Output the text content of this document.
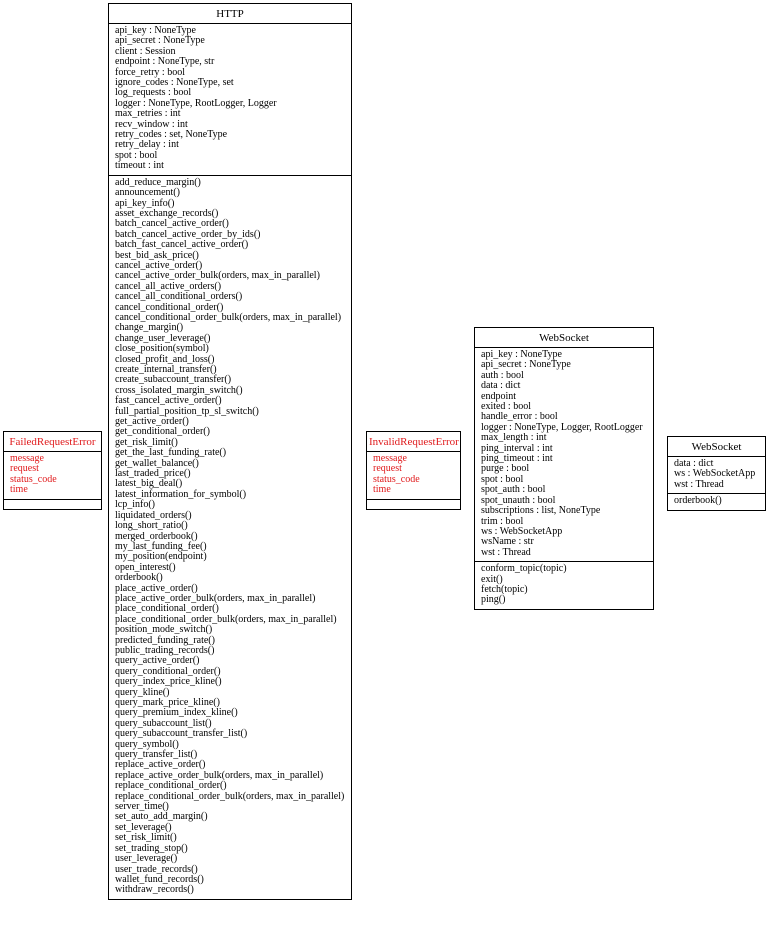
HTTP
api_key : NoneType
api_secret : NoneType
client : Session
endpoint : NoneType, str
force_retry : bool
ignore_codes : NoneType, set
log_requests : bool
logger : NoneType, RootLogger, Logger
max_retries : int
recv_window : int
retry_codes : set, NoneType
retry_delay : int
spot : bool
timeout : int
add_reduce_margin()
announcement()
api_key_info()
asset_exchange_records()
batch_cancel_active_order()
batch_cancel_active_order_by_ids()
batch_fast_cancel_active_order()
best_bid_ask_price()
cancel_active_order()
cancel_active_order_bulk(orders, max_in_parallel)
cancel_all_active_orders()
cancel_all_conditional_orders()
cancel_conditional_order()
cancel_conditional_order_bulk(orders, max_in_parallel)
change_margin()
change_user_leverage()
close_position(symbol)
closed_profit_and_loss()
create_internal_transfer()
create_subaccount_transfer()
cross_isolated_margin_switch()
fast_cancel_active_order()
full_partial_position_tp_sl_switch()
get_active_order()
get_conditional_order()
get_risk_limit()
get_the_last_funding_rate()
get_wallet_balance()
last_traded_price()
latest_big_deal()
latest_information_for_symbol()
lcp_info()
liquidated_orders()
long_short_ratio()
merged_orderbook()
my_last_funding_fee()
my_position(endpoint)
open_interest()
orderbook()
place_active_order()
place_active_order_bulk(orders, max_in_parallel)
place_conditional_order()
place_conditional_order_bulk(orders, max_in_parallel)
position_mode_switch()
predicted_funding_rate()
public_trading_records()
query_active_order()
query_conditional_order()
query_index_price_kline()
query_kline()
query_mark_price_kline()
query_premium_index_kline()
query_subaccount_list()
query_subaccount_transfer_list()
query_symbol()
query_transfer_list()
replace_active_order()
replace_active_order_bulk(orders, max_in_parallel)
replace_conditional_order()
replace_conditional_order_bulk(orders, max_in_parallel)
server_time()
set_auto_add_margin()
set_leverage()
set_risk_limit()
set_trading_stop()
user_leverage()
user_trade_records()
wallet_fund_records()
withdraw_records()
FailedRequestError
message
request
status_code
time
InvalidRequestError
message
request
status_code
time
WebSocket
api_key : NoneType
api_secret : NoneType
auth : bool
data : dict
endpoint
exited : bool
handle_error : bool
logger : NoneType, Logger, RootLogger
max_length : int
ping_interval : int
ping_timeout : int
purge : bool
spot : bool
spot_auth : bool
spot_unauth : bool
subscriptions : list, NoneType
trim : bool
ws : WebSocketApp
wsName : str
wst : Thread
conform_topic(topic)
exit()
fetch(topic)
ping()
WebSocket
data : dict
ws : WebSocketApp
wst : Thread
orderbook()
